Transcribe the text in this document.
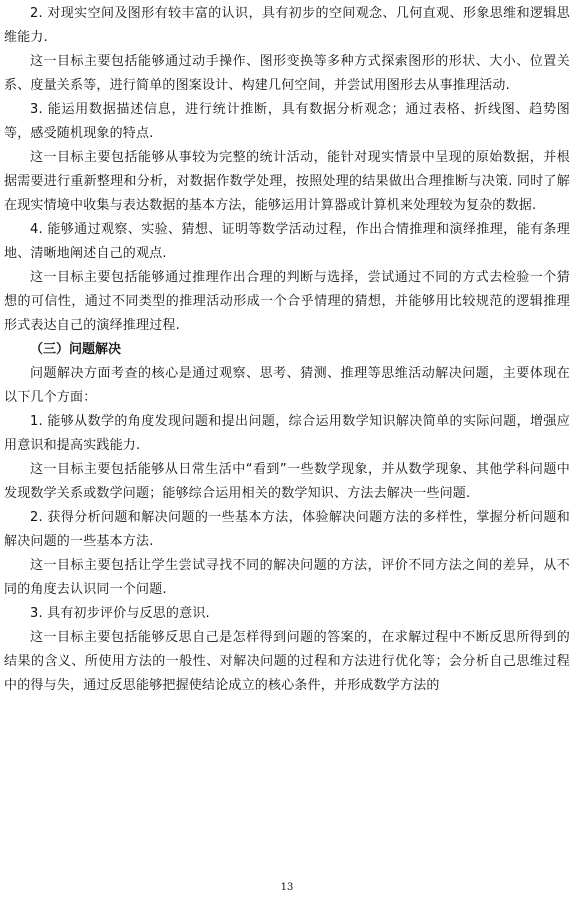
2. 对现实空间及图形有较丰富的认识，具有初步的空间观念、几何直观、形象思维和逻辑思维能力.

这一目标主要包括能够通过动手操作、图形变换等多种方式探索图形的形状、大小、位置关系、度量关系等，进行简单的图案设计、构建几何空间，并尝试用图形去从事推理活动.

3. 能运用数据描述信息，进行统计推断，具有数据分析观念；通过表格、折线图、趋势图等，感受随机现象的特点.

这一目标主要包括能够从事较为完整的统计活动，能针对现实情景中呈现的原始数据，并根据需要进行重新整理和分析，对数据作数学处理，按照处理的结果做出合理推断与决策. 同时了解在现实情境中收集与表达数据的基本方法，能够运用计算器或计算机来处理较为复杂的数据.

4. 能够通过观察、实验、猜想、证明等数学活动过程，作出合情推理和演绎推理，能有条理地、清晰地阐述自己的观点.

这一目标主要包括能够通过推理作出合理的判断与选择，尝试通过不同的方式去检验一个猜想的可信性，通过不同类型的推理活动形成一个合乎情理的猜想，并能够用比较规范的逻辑推理形式表达自己的演绎推理过程.

（三）问题解决

问题解决方面考查的核心是通过观察、思考、猜测、推理等思维活动解决问题，主要体现在以下几个方面：

1. 能够从数学的角度发现问题和提出问题，综合运用数学知识解决简单的实际问题，增强应用意识和提高实践能力.

这一目标主要包括能够从日常生活中“看到”一些数学现象，并从数学现象、其他学科问题中发现数学关系或数学问题；能够综合运用相关的数学知识、方法去解决一些问题.

2. 获得分析问题和解决问题的一些基本方法，体验解决问题方法的多样性，掌握分析问题和解决问题的一些基本方法.

这一目标主要包括让学生尝试寻找不同的解决问题的方法，评价不同方法之间的差异，从不同的角度去认识同一个问题.

3. 具有初步评价与反思的意识.

这一目标主要包括能够反思自己是怎样得到问题的答案的，在求解过程中不断反思所得到的结果的含义、所使用方法的一般性、对解决问题的过程和方法进行优化等；会分析自己思维过程中的得与失，通过反思能够把握使结论成立的核心条件，并形成数学方法的

13
